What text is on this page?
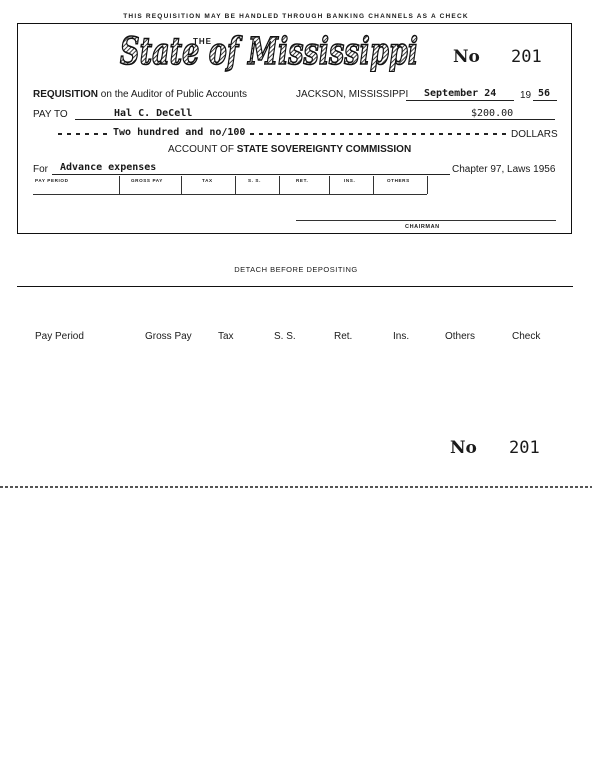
THIS REQUISITION MAY BE HANDLED THROUGH BANKING CHANNELS AS A CHECK
State of Mississippi
THE
No 201
REQUISITION on the Auditor of Public Accounts	JACKSON, MISSISSIPPI September 24 19 56
PAY TO	Hal C. DeCell	$200.00
Two hundred and no/100	DOLLARS
ACCOUNT OF STATE SOVEREIGNTY COMMISSION
For Advance expenses	Chapter 97, Laws 1956
PAY PERIOD	GROSS PAY	TAX	S. S.	RET.	INS.	OTHERS
CHAIRMAN
DETACH BEFORE DEPOSITING
Pay Period	Gross Pay	Tax	S. S.	Ret.	Ins.	Others	Check
No 201
